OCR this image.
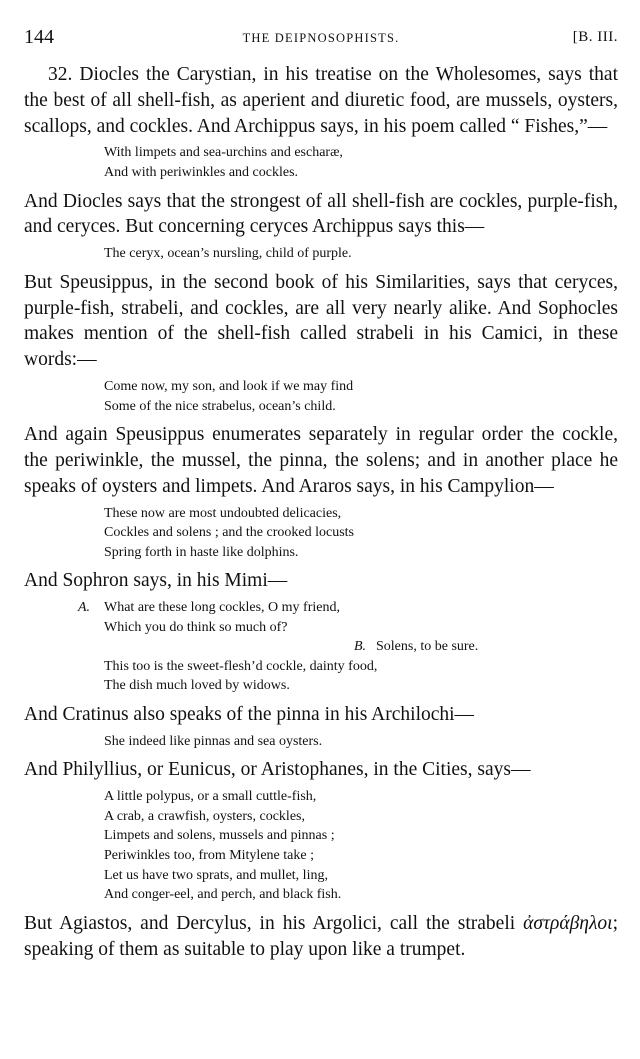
144	THE DEIPNOSOPHISTS.	[B. III.

32. Diocles the Carystian, in his treatise on the Wholesomes, says that the best of all shell-fish, as aperient and diuretic food, are mussels, oysters, scallops, and cockles. And Archippus says, in his poem called “ Fishes,”—

With limpets and sea-urchins and escharæ,
And with periwinkles and cockles.

And Diocles says that the strongest of all shell-fish are cockles, purple-fish, and ceryces. But concerning ceryces Archippus says this—

The ceryx, ocean’s nursling, child of purple.

But Speusippus, in the second book of his Similarities, says that ceryces, purple-fish, strabeli, and cockles, are all very nearly alike. And Sophocles makes mention of the shell-fish called strabeli in his Camici, in these words:—

Come now, my son, and look if we may find
Some of the nice strabelus, ocean’s child.

And again Speusippus enumerates separately in regular order the cockle, the periwinkle, the mussel, the pinna, the solens; and in another place he speaks of oysters and limpets. And Araros says, in his Campylion—

These now are most undoubted delicacies,
Cockles and solens ; and the crooked locusts
Spring forth in haste like dolphins.

And Sophron says, in his Mimi—

A. What are these long cockles, O my friend,
Which you do think so much of?
B. Solens, to be sure.
This too is the sweet-flesh’d cockle, dainty food,
The dish much loved by widows.

And Cratinus also speaks of the pinna in his Archilochi—

She indeed like pinnas and sea oysters.

And Philyllius, or Eunicus, or Aristophanes, in the Cities, says—

A little polypus, or a small cuttle-fish,
A crab, a crawfish, oysters, cockles,
Limpets and solens, mussels and pinnas ;
Periwinkles too, from Mitylene take ;
Let us have two sprats, and mullet, ling,
And conger-eel, and perch, and black fish.

But Agiastos, and Dercylus, in his Argolici, call the strabeli ἀστράβηλοι; speaking of them as suitable to play upon like a trumpet.
